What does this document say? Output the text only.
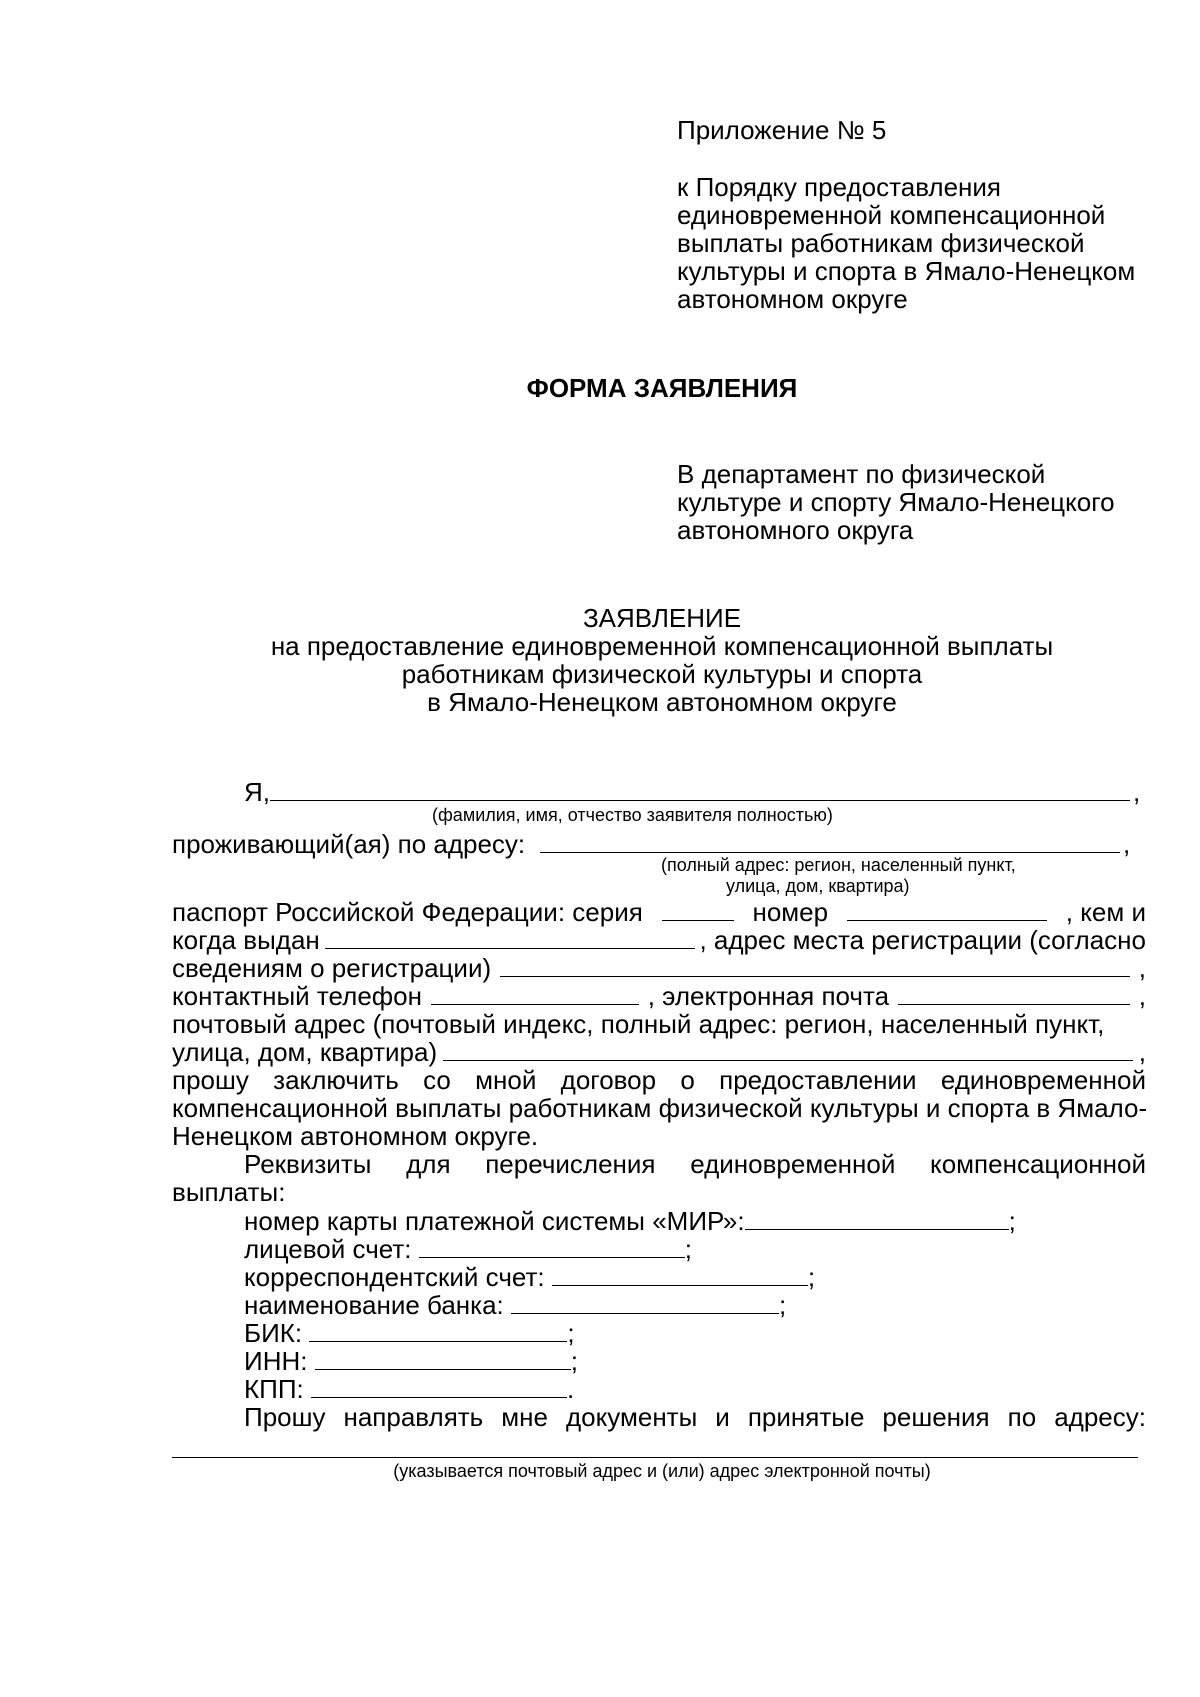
Приложение № 5
к Порядку предоставления
единовременной компенсационной
выплаты работникам физической
культуры и спорта в Ямало-Ненецком
автономном округе
ФОРМА ЗАЯВЛЕНИЯ
В департамент по физической
культуре и спорту Ямало-Ненецкого
автономного округа
ЗАЯВЛЕНИЕ
на предоставление единовременной компенсационной выплаты
работникам физической культуры и спорта
в Ямало-Ненецком автономном округе
Я,	,
(фамилия, имя, отчество заявителя полностью)
проживающий(ая) по адресу:	,
(полный адрес: регион, населенный пункт,
улица, дом, квартира)
паспорт Российской Федерации: серия	номер	, кем и
когда выдан	, адрес места регистрации (согласно
сведениям о регистрации)	,
контактный телефон	, электронная почта	,
почтовый адрес (почтовый индекс, полный адрес: регион, населенный пункт,
улица, дом, квартира)	,
прошу заключить со мной договор о предоставлении единовременной
компенсационной выплаты работникам физической культуры и спорта в Ямало-
Ненецком автономном округе.
Реквизиты для перечисления единовременной компенсационной
выплаты:
номер карты платежной системы «МИР»:	;
лицевой счет:	;
корреспондентский счет:	;
наименование банка:	;
БИК:	;
ИНН:	;
КПП:	.
Прошу направлять мне документы и принятые решения по адресу:
(указывается почтовый адрес и (или) адрес электронной почты)
